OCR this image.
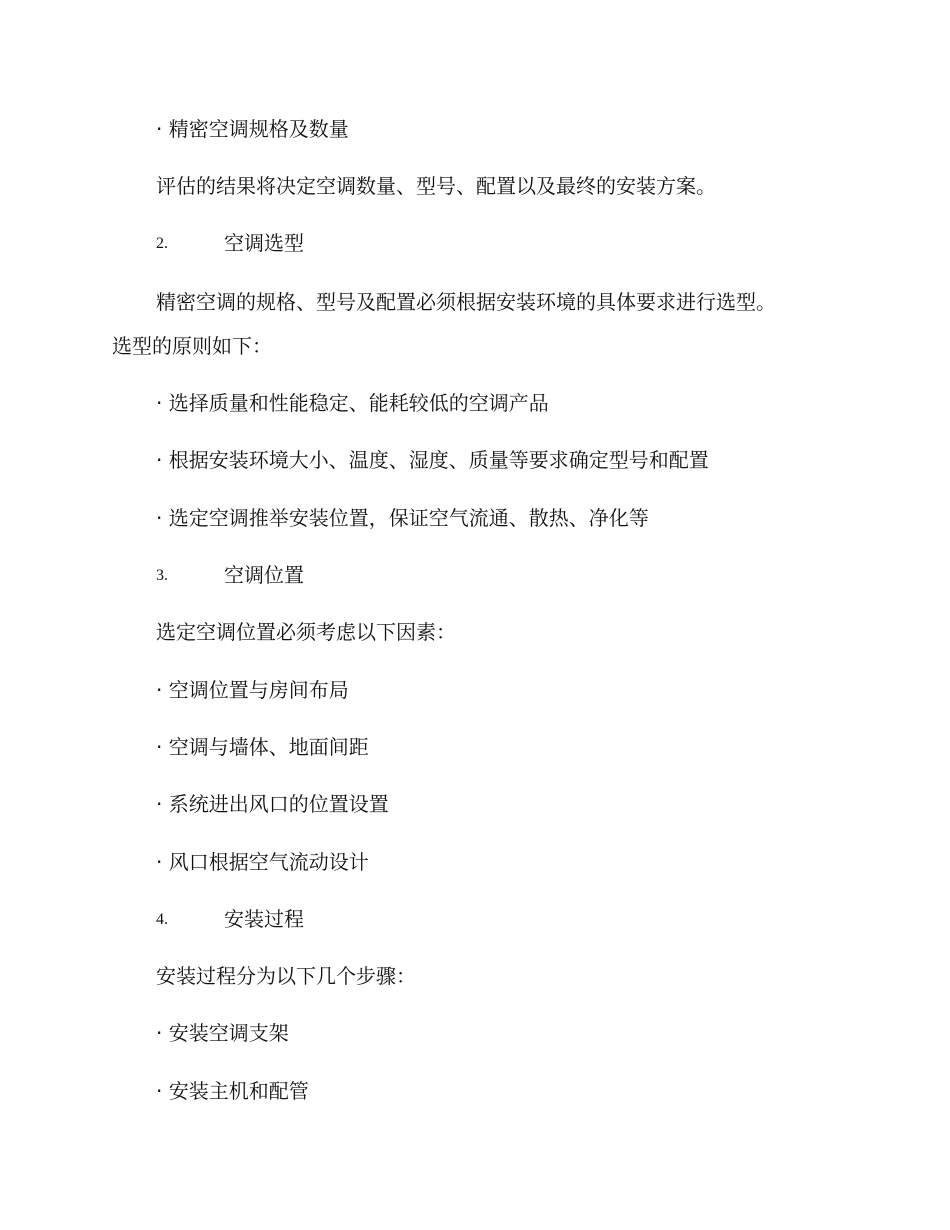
· 精密空调规格及数量
评估的结果将决定空调数量、型号、配置以及最终的安装方案。
2.	空调选型
精密空调的规格、型号及配置必须根据安装环境的具体要求进行选型。
选型的原则如下：
· 选择质量和性能稳定、能耗较低的空调产品
· 根据安装环境大小、温度、湿度、质量等要求确定型号和配置
· 选定空调推举安装位置，保证空气流通、散热、净化等
3.	空调位置
选定空调位置必须考虑以下因素：
· 空调位置与房间布局
· 空调与墙体、地面间距
· 系统进出风口的位置设置
· 风口根据空气流动设计
4.	安装过程
安装过程分为以下几个步骤：
· 安装空调支架
· 安装主机和配管
